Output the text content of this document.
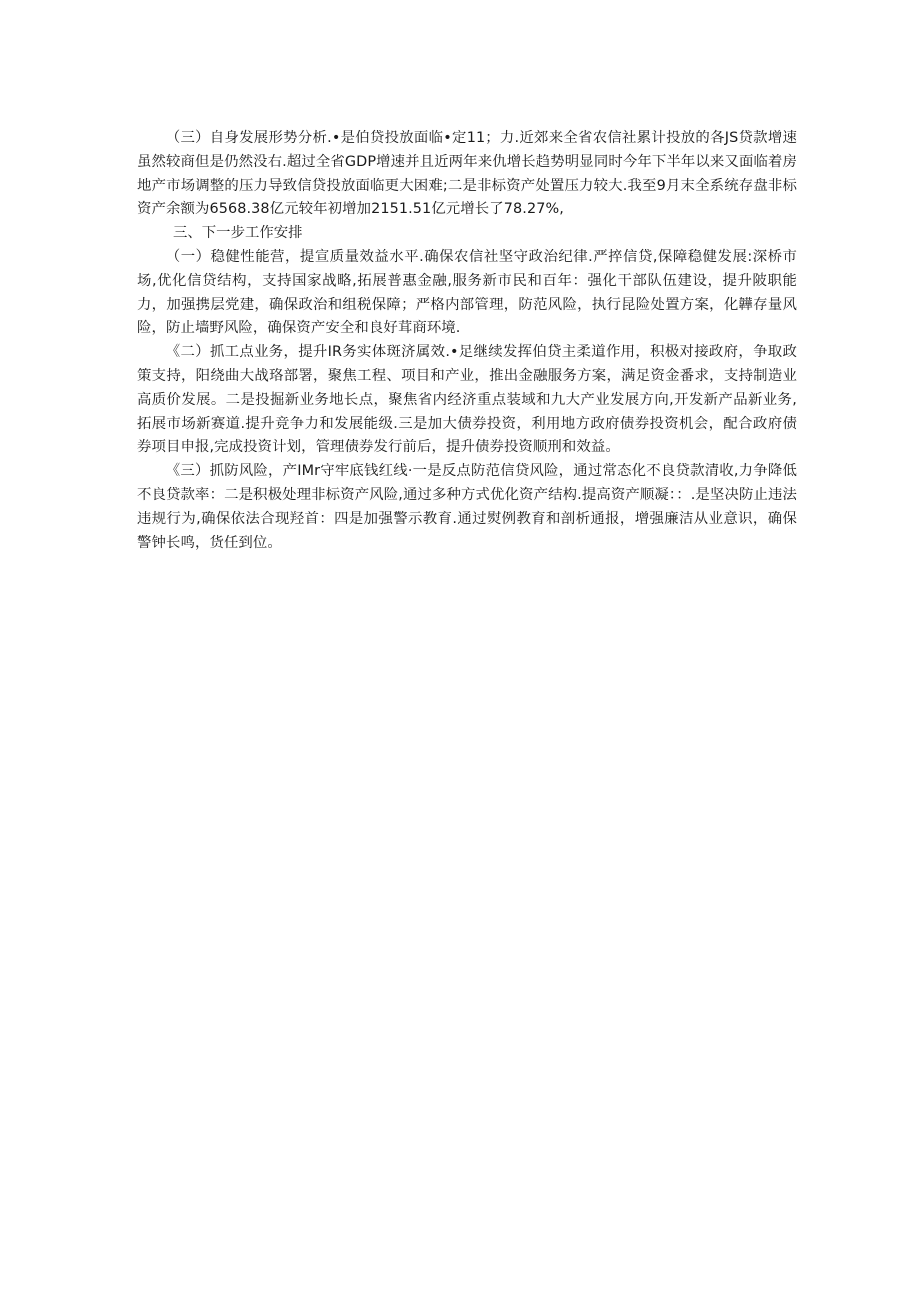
（三）自身发展形势分析.•是伯贷投放面临•定11；力.近郊来全省农信社累计投放的各JS贷款增速虽然较商但是仍然没右.超过全省GDP增速并且近两年来仇增长趋势明显同时今年下半年以来又面临着房地产市场调整的压力导致信贷投放面临更大困难;二是非标资产处置压力较大.我至9月末全系统存盘非标资产余额为6568.38亿元较年初增加2151.51亿元增长了78.27%,

三、下一步工作安排

（一）稳健性能营，提宣质量效益水平.确保农信社坚守政治纪律.严捽信贷,保障稳健发展:深桥市场,优化信贷结构，支持国家战略,拓展普惠金融,服务新市民和百年：强化干部队伍建设，提升陂职能力，加强携层党建，确保政治和组税保障；严格内部管理，防范风险，执行昆险处置方案，化韡存量风险，防止墙野风险，确保资产安全和良好茸商环境.

《二）抓工点业务，提升IR务实体斑济属效.•足继续发挥伯贷主柔道作用，积极对接政府，争取政策支持，阳绕曲大战珞部署，聚焦工程、项目和产业，推出金融服务方案，满足资金番求，支持制造业高质价发展。二是投掘新业务地长点，聚焦省内经济重点装域和九大产业发展方向,开发新产品新业务,拓展市场新赛道.提升竞争力和发展能级.三是加大债券投资，利用地方政府债券投资机会，配合政府债券项目申报,完成投资计划，管理债券发行前后，提升债券投资顺刑和效益。

《三）抓防风险，产IMr守牢底钱红线·一是反点防范信贷风险，通过常态化不良贷款清收,力争降低不良贷款率：二是积极处理非标资产风险,通过多种方式优化资产结构.提高资产顺凝：：.是坚决防止违法违规行为,确保依法合现羟首：四是加强警示教育.通过熨例教育和剖析通报，增强廉洁从业意识，确保警钟长鸣，货任到位。
